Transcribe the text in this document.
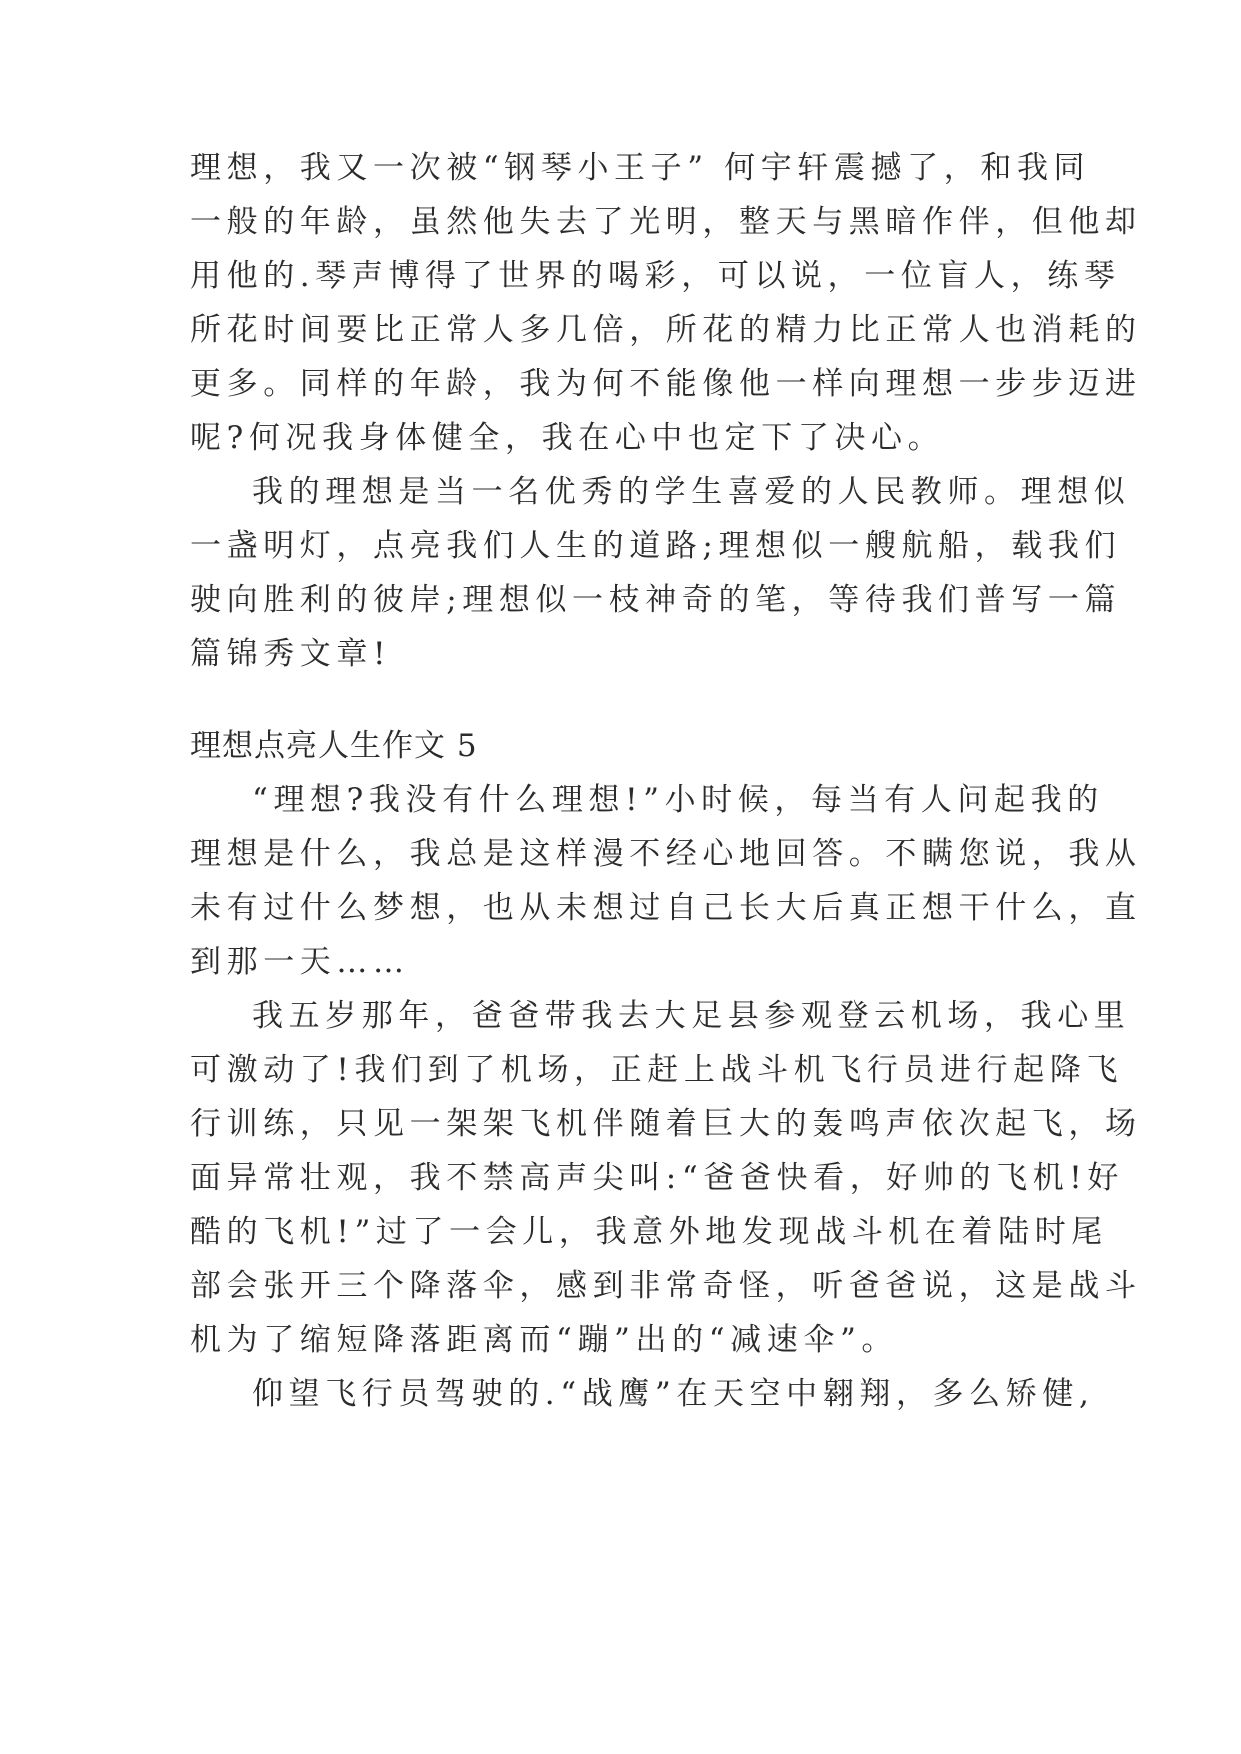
理想，我又一次被“钢琴小王子” 何宇轩震撼了，和我同
一般的年龄，虽然他失去了光明，整天与黑暗作伴，但他却
用他的.琴声博得了世界的喝彩，可以说，一位盲人，练琴
所花时间要比正常人多几倍，所花的精力比正常人也消耗的
更多。同样的年龄，我为何不能像他一样向理想一步步迈进
呢?何况我身体健全，我在心中也定下了决心。
我的理想是当一名优秀的学生喜爱的人民教师。理想似
一盏明灯，点亮我们人生的道路;理想似一艘航船，载我们
驶向胜利的彼岸;理想似一枝神奇的笔，等待我们普写一篇
篇锦秀文章!
理想点亮人生作文 5
“理想?我没有什么理想!”小时候，每当有人问起我的
理想是什么，我总是这样漫不经心地回答。不瞒您说，我从
未有过什么梦想，也从未想过自己长大后真正想干什么，直
到那一天……
我五岁那年，爸爸带我去大足县参观登云机场，我心里
可激动了!我们到了机场，正赶上战斗机飞行员进行起降飞
行训练，只见一架架飞机伴随着巨大的轰鸣声依次起飞，场
面异常壮观，我不禁高声尖叫:“爸爸快看，好帅的飞机!好
酷的飞机!”过了一会儿，我意外地发现战斗机在着陆时尾
部会张开三个降落伞，感到非常奇怪，听爸爸说，这是战斗
机为了缩短降落距离而“蹦”出的“减速伞”。
仰望飞行员驾驶的.“战鹰”在天空中翱翔，多么矫健,
